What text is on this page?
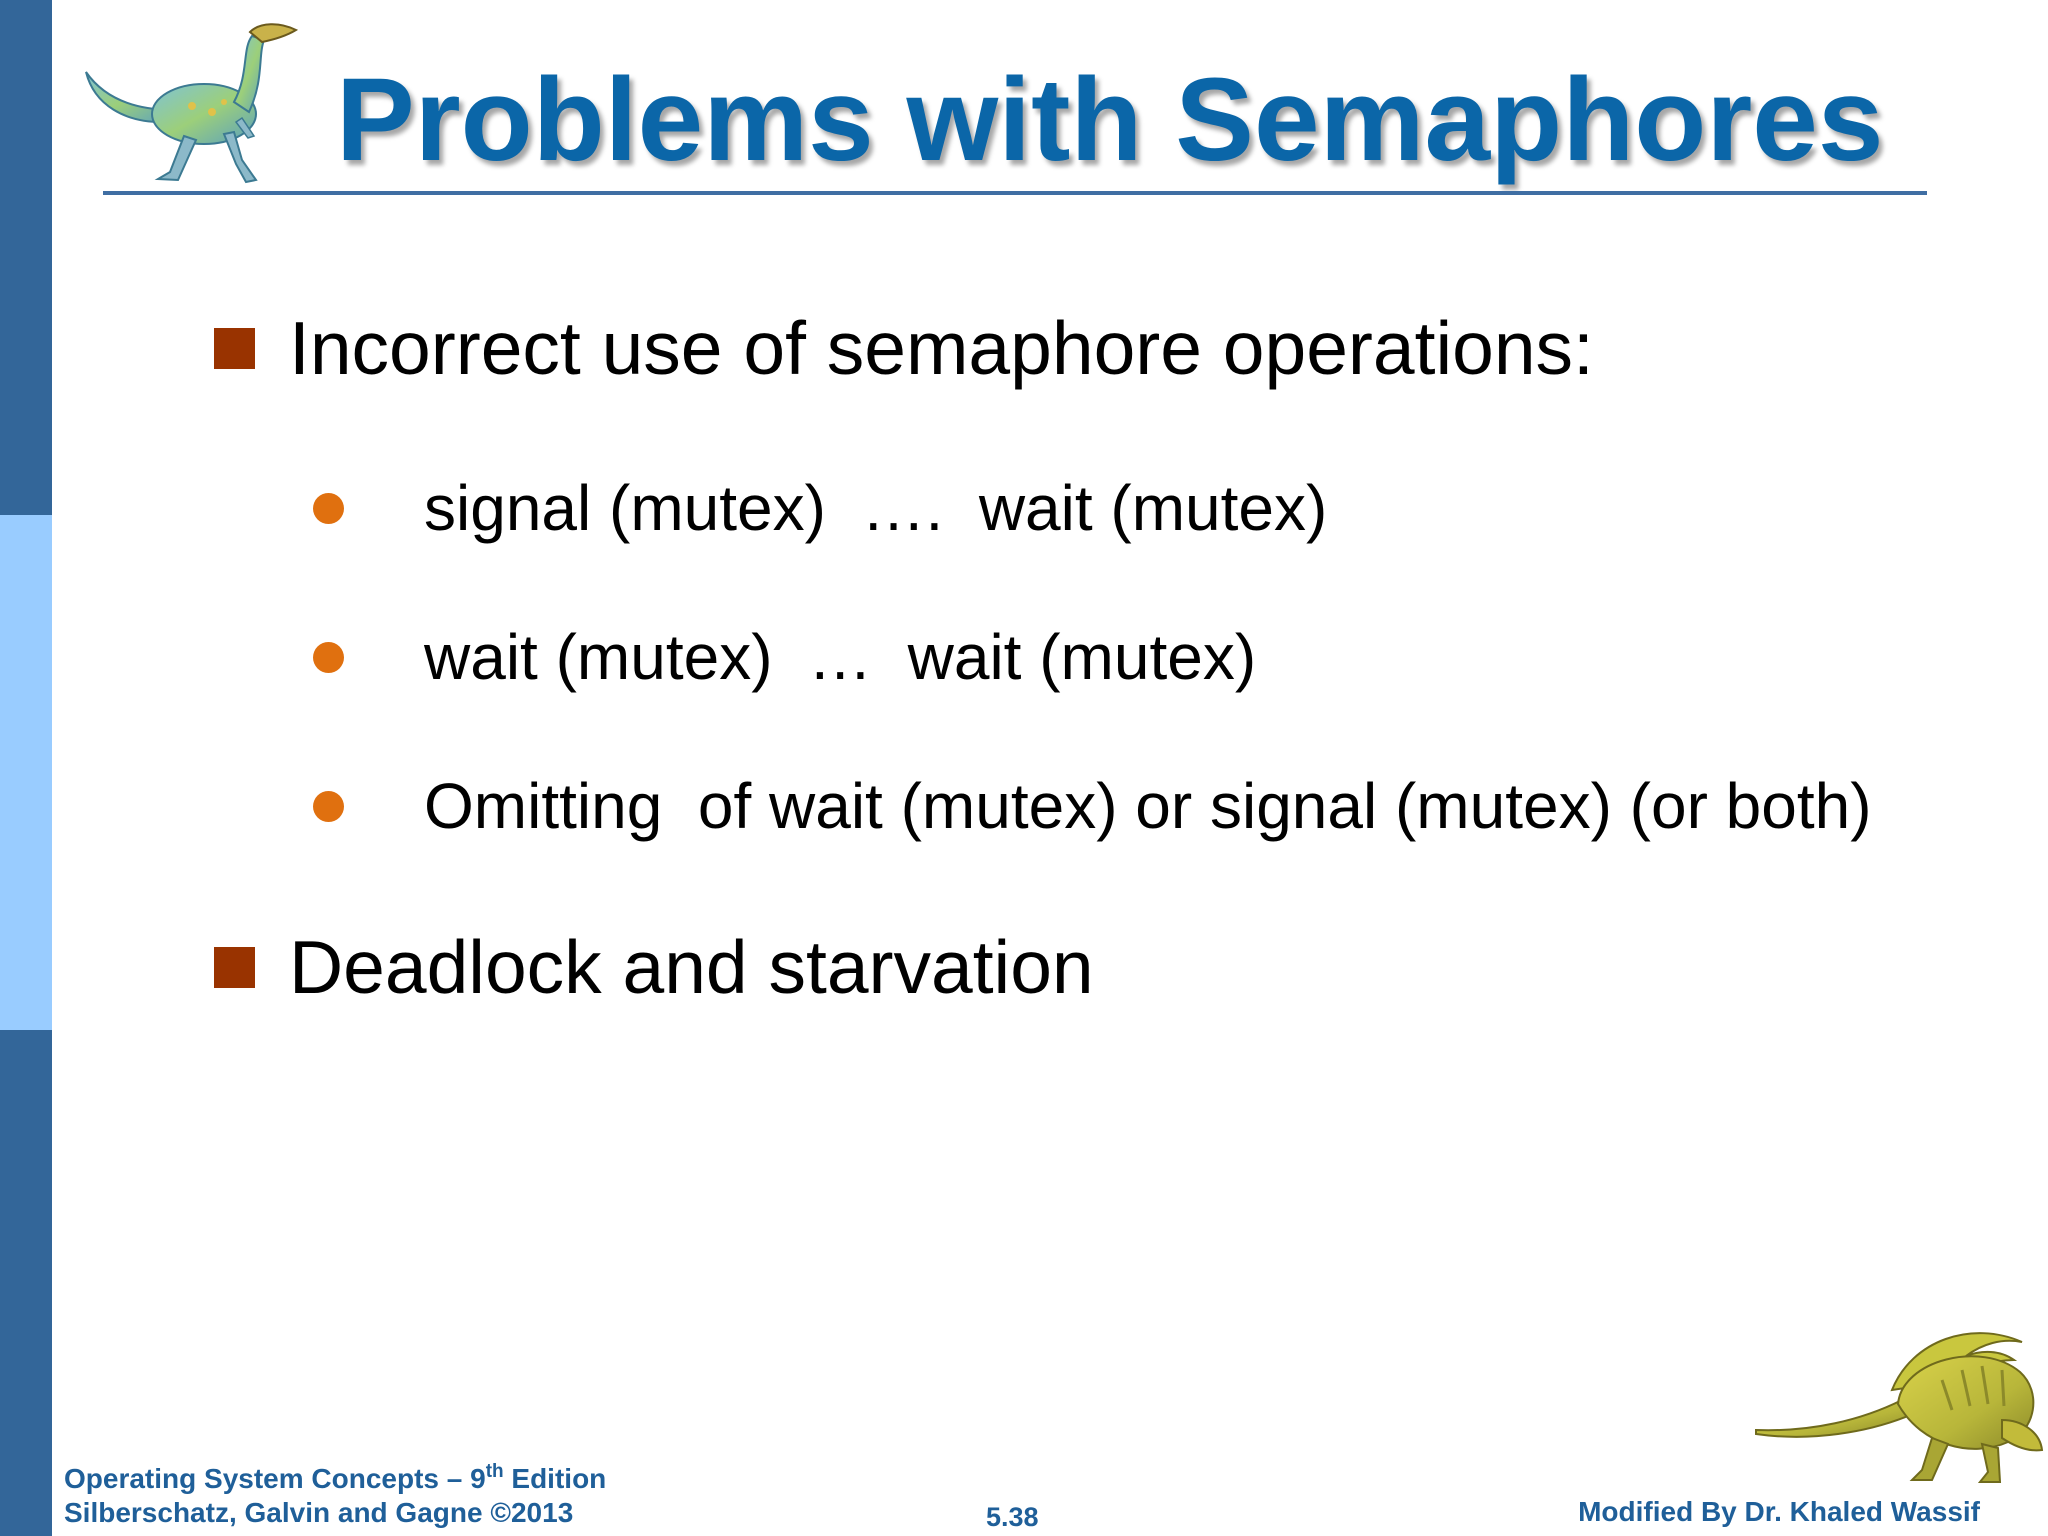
Problems with Semaphores
Incorrect use of semaphore operations:
signal (mutex)  ….  wait (mutex)
wait (mutex)  …  wait (mutex)
Omitting  of wait (mutex) or signal (mutex) (or both)
Deadlock and starvation
Operating System Concepts – 9th Edition
Silberschatz, Galvin and Gagne ©2013	5.38	Modified By Dr. Khaled Wassif
